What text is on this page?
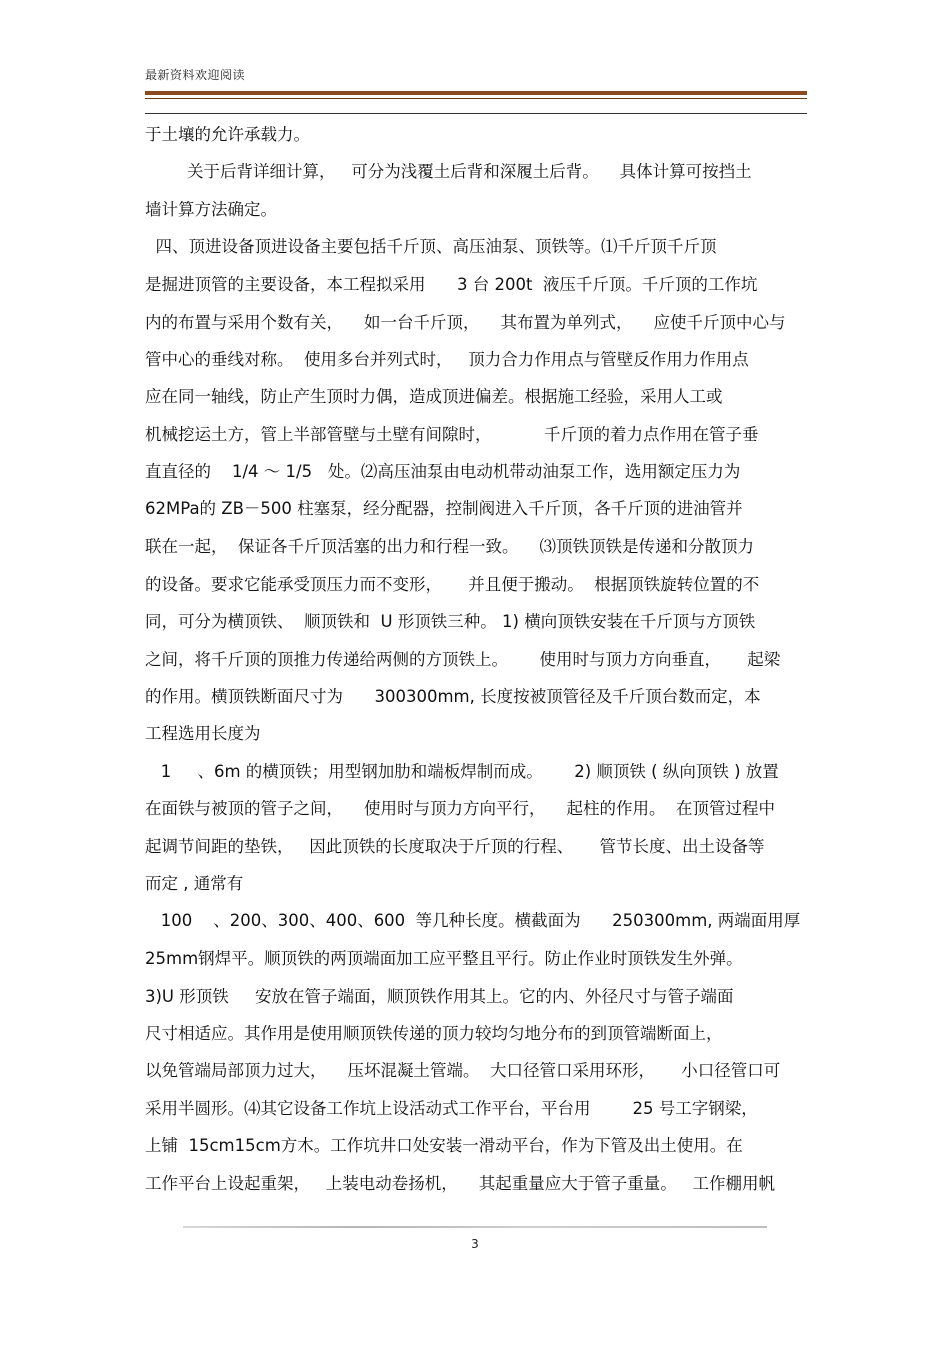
最新资料欢迎阅读
于土壤的允许承载力。
关于后背详细计算，   可分为浅覆土后背和深履土后背。    具体计算可按挡土
墙计算方法确定。
四、顶进设备顶进设备主要包括千斤顶、高压油泵、顶铁等。⑴千斤顶千斤顶
是掘进顶管的主要设备，本工程拟采用      3 台 200t  液压千斤顶。千斤顶的工作坑
内的布置与采用个数有关，    如一台千斤顶，    其布置为单列式，    应使千斤顶中心与
管中心的垂线对称。  使用多台并列式时，   顶力合力作用点与管壁反作用力作用点
应在同一轴线，防止产生顶时力偶，造成顶进偏差。根据施工经验，采用人工或
机械挖运土方，管上半部管壁与土壁有间隙时，          千斤顶的着力点作用在管子垂
直直径的    1/4 ～ 1/5   处。⑵高压油泵由电动机带动油泵工作，选用额定压力为
62MPa的 ZB－500 柱塞泵，经分配器，控制阀进入千斤顶，各千斤顶的进油管并
联在一起，  保证各千斤顶活塞的出力和行程一致。    ⑶顶铁顶铁是传递和分散顶力
的设备。要求它能承受顶压力而不变形，     并且便于搬动。  根据顶铁旋转位置的不
同，可分为横顶铁、  顺顶铁和  U 形顶铁三种。 1) 横向顶铁安装在千斤顶与方顶铁
之间，将千斤顶的顶推力传递给两侧的方顶铁上。      使用时与顶力方向垂直，     起梁
的作用。横顶铁断面尺寸为      300300mm, 长度按被顶管径及千斤顶台数而定，本
工程选用长度为
1     、6m 的横顶铁；用型钢加肋和端板焊制而成。      2) 顺顶铁 ( 纵向顶铁 ) 放置
在面铁与被顶的管子之间，    使用时与顶力方向平行，    起柱的作用。  在顶管过程中
起调节间距的垫铁，   因此顶铁的长度取决于斤顶的行程、     管节长度、出土设备等
而定 , 通常有
100    、200、300、400、600  等几种长度。横截面为      250300mm, 两端面用厚
25mm钢焊平。顺顶铁的两顶端面加工应平整且平行。防止作业时顶铁发生外弹。
3)U 形顶铁     安放在管子端面，顺顶铁作用其上。它的内、外径尺寸与管子端面
尺寸相适应。其作用是使用顺顶铁传递的顶力较均匀地分布的到顶管端断面上，
以免管端局部顶力过大，    压坏混凝土管端。  大口径管口采用环形，     小口径管口可
采用半圆形。⑷其它设备工作坑上设活动式工作平台，平台用        25 号工字钢梁，
上铺  15cm15cm方木。工作坑井口处安装一滑动平台，作为下管及出土使用。在
工作平台上设起重架，   上装电动卷扬机，    其起重量应大于管子重量。   工作棚用帆
3
